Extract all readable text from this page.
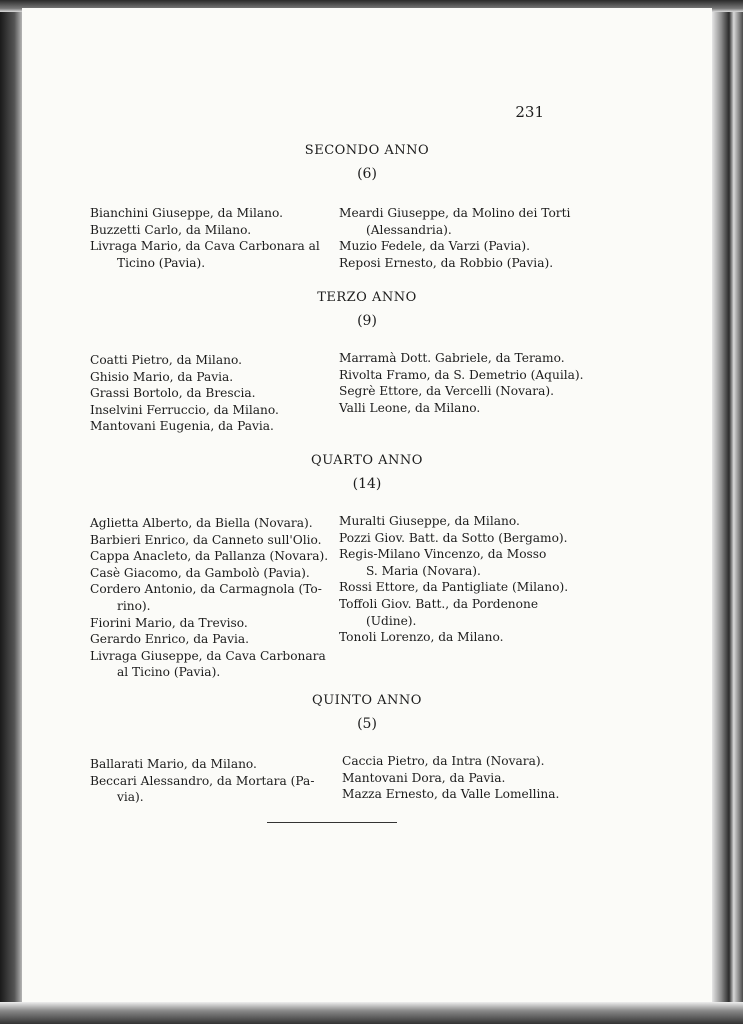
231
SECONDO ANNO
(6)
Bianchini Giuseppe, da Milano.
Buzzetti Carlo, da Milano.
Livraga Mario, da Cava Carbonara al
Ticino (Pavia).
Meardi Giuseppe, da Molino dei Torti
(Alessandria).
Muzio Fedele, da Varzi (Pavia).
Reposi Ernesto, da Robbio (Pavia).
TERZO ANNO
(9)
Coatti Pietro, da Milano.
Ghisio Mario, da Pavia.
Grassi Bortolo, da Brescia.
Inselvini Ferruccio, da Milano.
Mantovani Eugenia, da Pavia.
Marramà Dott. Gabriele, da Teramo.
Rivolta Framo, da S. Demetrio (Aquila).
Segrè Ettore, da Vercelli (Novara).
Valli Leone, da Milano.
QUARTO ANNO
(14)
Aglietta Alberto, da Biella (Novara).
Barbieri Enrico, da Canneto sull'Olio.
Cappa Anacleto, da Pallanza (Novara).
Casè Giacomo, da Gambolò (Pavia).
Cordero Antonio, da Carmagnola (To-
rino).
Fiorini Mario, da Treviso.
Gerardo Enrico, da Pavia.
Livraga Giuseppe, da Cava Carbonara
al Ticino (Pavia).
Muralti Giuseppe, da Milano.
Pozzi Giov. Batt. da Sotto (Bergamo).
Regis-Milano Vincenzo, da Mosso
S. Maria (Novara).
Rossi Ettore, da Pantigliate (Milano).
Toffoli Giov. Batt., da Pordenone
(Udine).
Tonoli Lorenzo, da Milano.
QUINTO ANNO
(5)
Ballarati Mario, da Milano.
Beccari Alessandro, da Mortara (Pa-
via).
Caccia Pietro, da Intra (Novara).
Mantovani Dora, da Pavia.
Mazza Ernesto, da Valle Lomellina.
